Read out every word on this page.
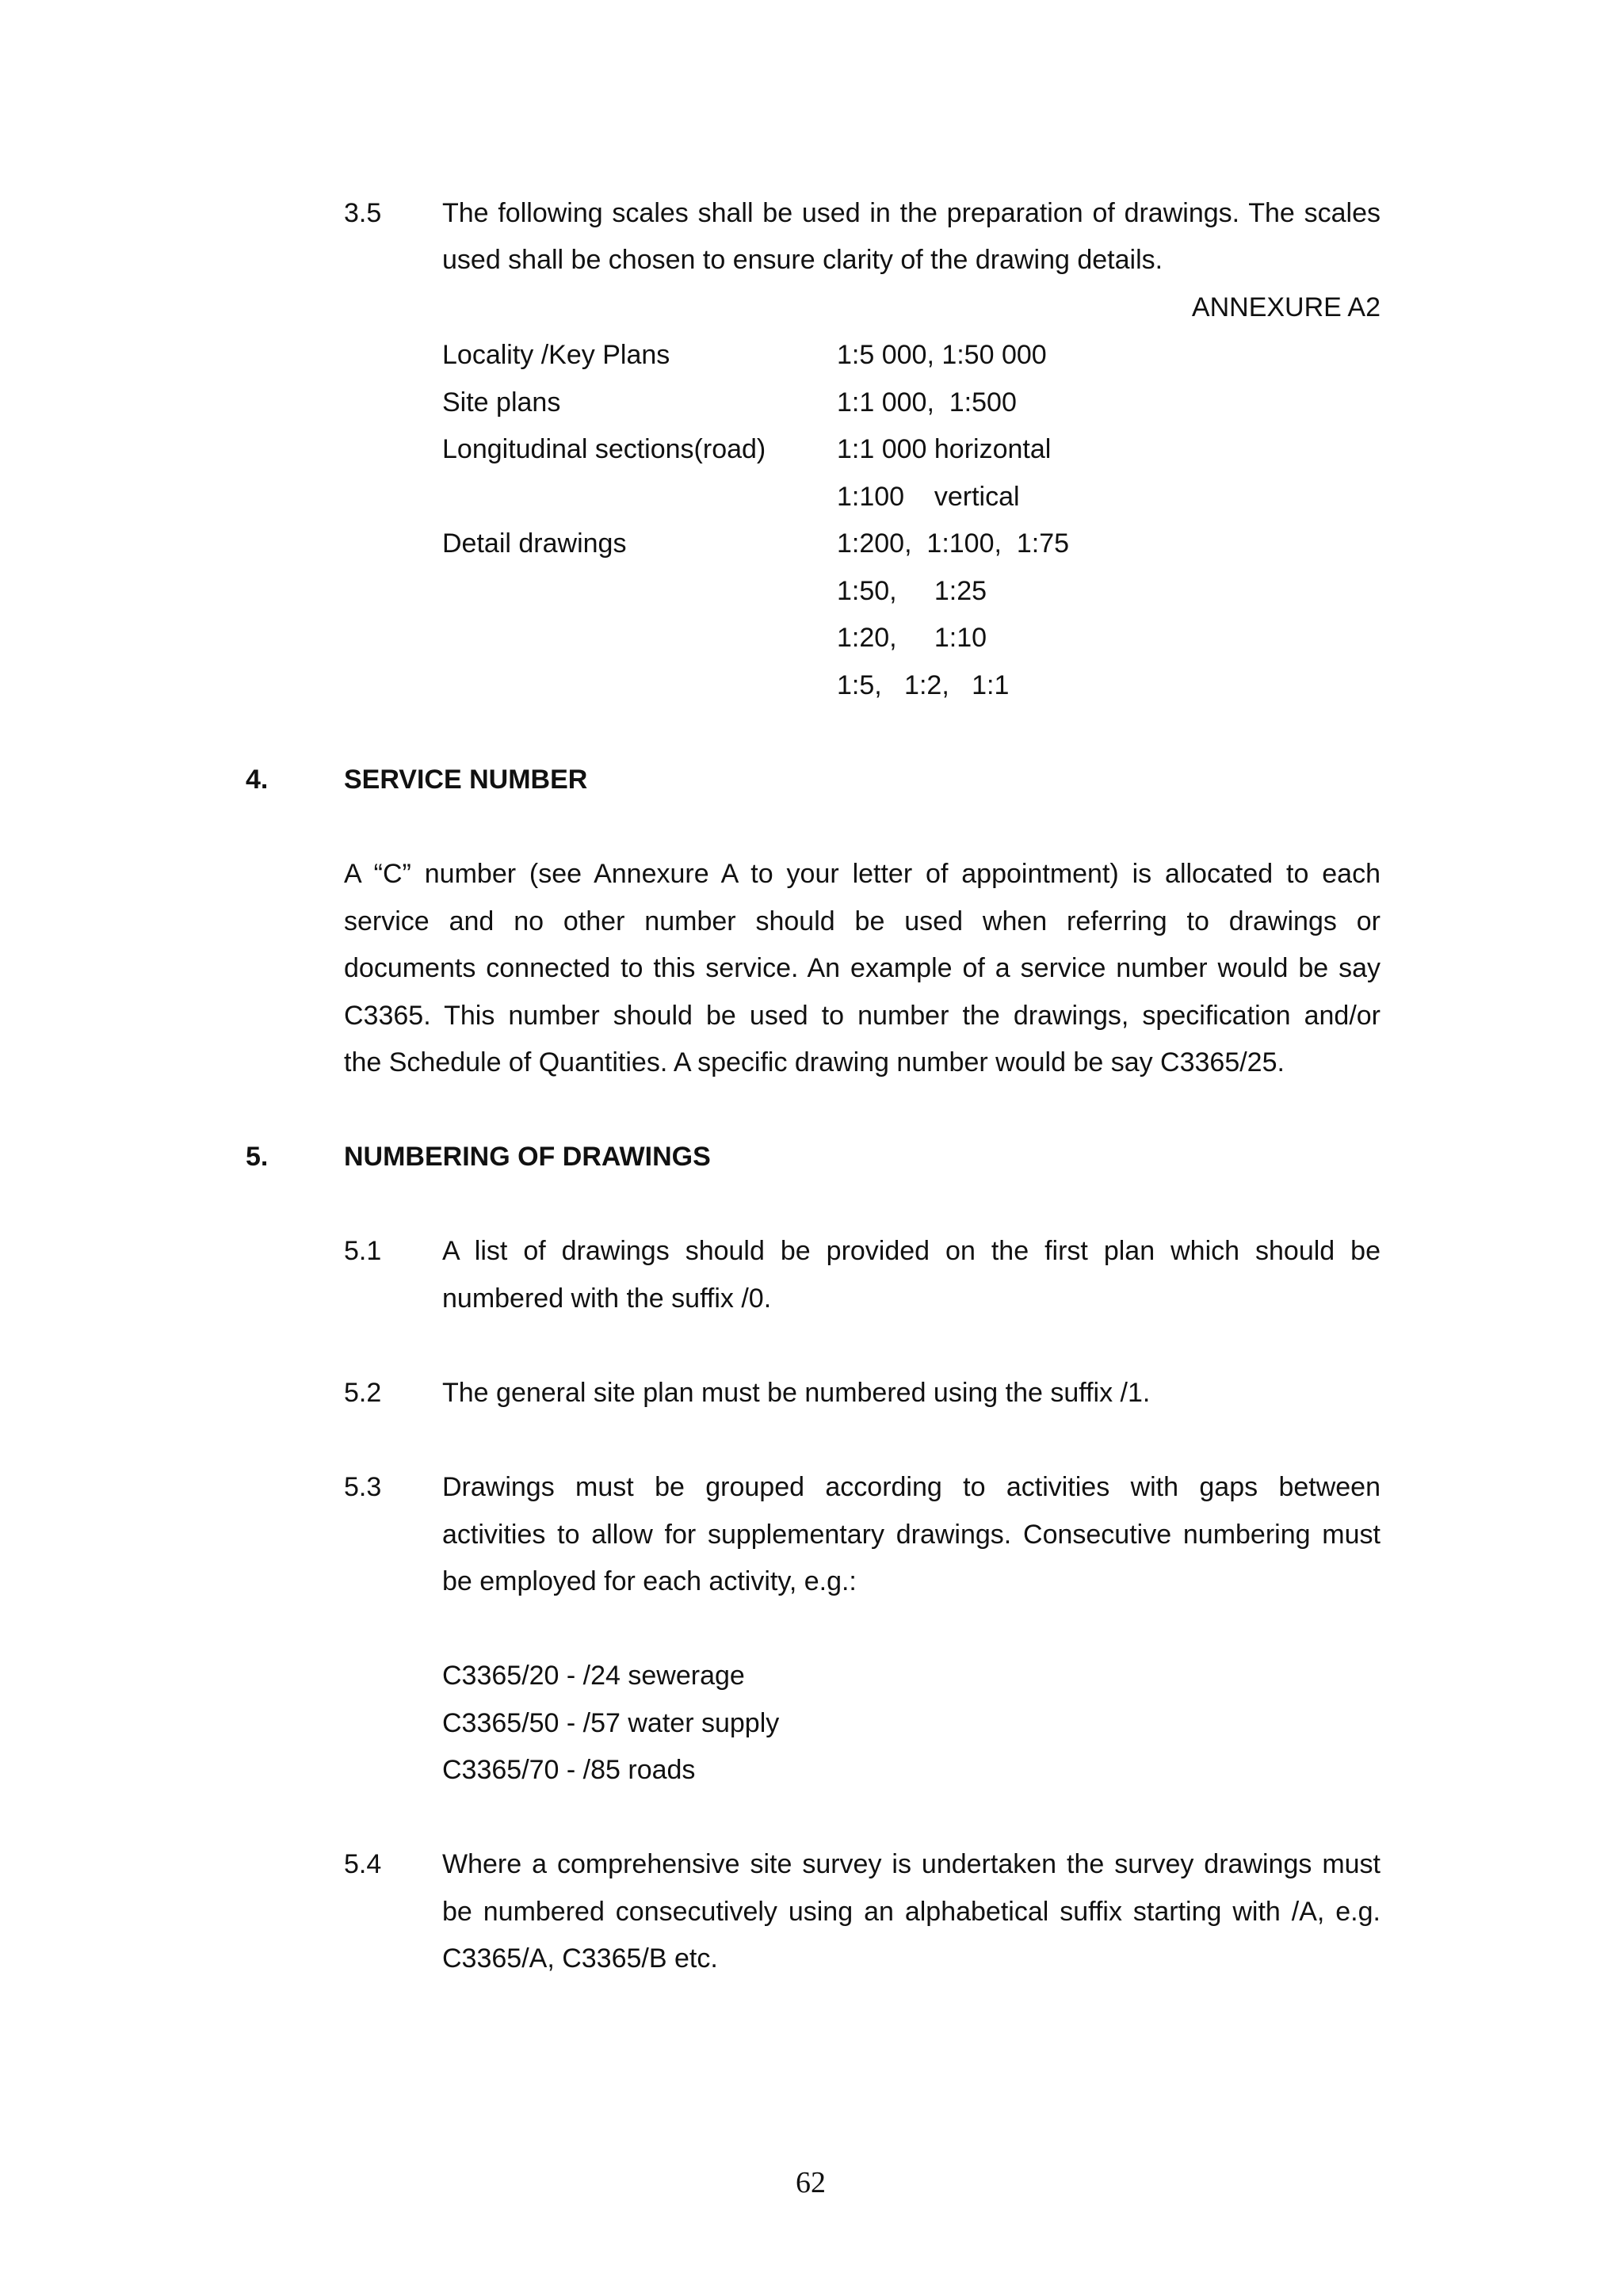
3.5 The following scales shall be used in the preparation of drawings. The scales
used shall be chosen to ensure clarity of the drawing details.
ANNEXURE A2
Locality /Key Plans	1:5 000, 1:50 000
Site plans	1:1 000,  1:500
Longitudinal sections(road)	1:1 000 horizontal
1:100    vertical
Detail drawings	1:200,  1:100,  1:75
1:50,     1:25
1:20,     1:10
1:5,   1:2,   1:1
4.	SERVICE NUMBER
A “C” number (see Annexure A to your letter of appointment) is allocated to each
service and no other number should be used when referring to drawings or
documents connected to this service. An example of a service number would be say
C3365. This number should be used to number the drawings, specification and/or
the Schedule of Quantities. A specific drawing number would be say C3365/25.
5.	NUMBERING OF DRAWINGS
5.1 A list of drawings should be provided on the first plan which should be
numbered with the suffix /0.
5.2 The general site plan must be numbered using the suffix /1.
5.3 Drawings must be grouped according to activities with gaps between
activities to allow for supplementary drawings. Consecutive numbering must
be employed for each activity, e.g.:
C3365/20 - /24 sewerage
C3365/50 - /57 water supply
C3365/70 - /85 roads
5.4 Where a comprehensive site survey is undertaken the survey drawings must
be numbered consecutively using an alphabetical suffix starting with /A, e.g.
C3365/A, C3365/B etc.
62
